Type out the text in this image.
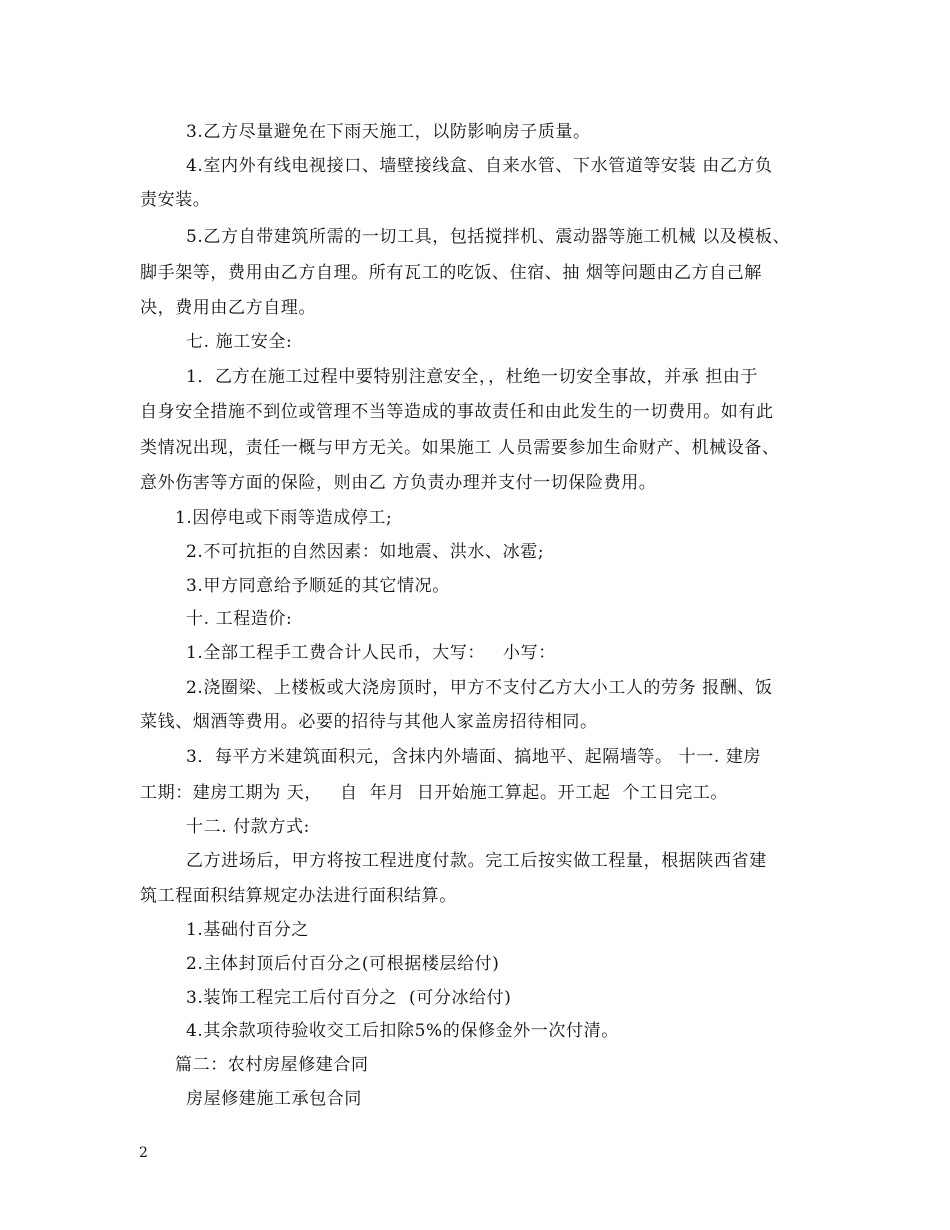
3.乙方尽量避免在下雨天施工，以防影响房子质量。
4.室内外有线电视接口、墙壁接线盒、自来水管、下水管道等安装 由乙方负
责安装。
5.乙方自带建筑所需的一切工具，包括搅拌机、震动器等施工机械 以及模板、
脚手架等，费用由乙方自理。所有瓦工的吃饭、住宿、抽 烟等问题由乙方自己解
决，费用由乙方自理。
七. 施工安全:
1．乙方在施工过程中要特别注意安全，，杜绝一切安全事故，并承 担由于
自身安全措施不到位或管理不当等造成的事故责任和由此发生的一切费用。如有此
类情况出现，责任一概与甲方无关。如果施工 人员需要参加生命财产、机械设备、
意外伤害等方面的保险，则由乙 方负责办理并支付一切保险费用。
1.因停电或下雨等造成停工;
2.不可抗拒的自然因素：如地震、洪水、冰雹;
3.甲方同意给予顺延的其它情况。
十. 工程造价:
1.全部工程手工费合计人民币，大写：   小写：
2.浇圈梁、上楼板或大浇房顶时，甲方不支付乙方大小工人的劳务 报酬、饭
菜钱、烟酒等费用。必要的招待与其他人家盖房招待相同。
3．每平方米建筑面积元，含抹内外墙面、搞地平、起隔墙等。 十一. 建房
工期：建房工期为 天，   自  年月  日开始施工算起。开工起  个工日完工。
十二. 付款方式:
乙方进场后，甲方将按工程进度付款。完工后按实做工程量，根据陕西省建
筑工程面积结算规定办法进行面积结算。
1.基础付百分之
2.主体封顶后付百分之(可根据楼层给付)
3.装饰工程完工后付百分之  (可分冰给付)
4.其余款项待验收交工后扣除5%的保修金外一次付清。
篇二：农村房屋修建合同
房屋修建施工承包合同
2
